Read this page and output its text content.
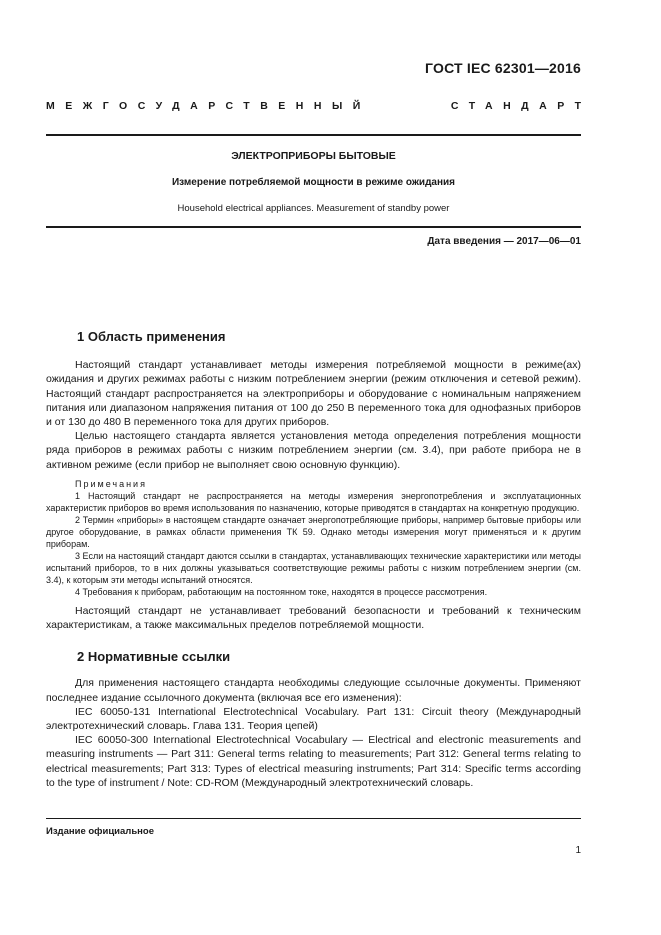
ГОСТ IEC 62301—2016
МЕЖГОСУДАРСТВЕННЫЙ	СТАНДАРТ
ЭЛЕКТРОПРИБОРЫ БЫТОВЫЕ
Измерение потребляемой мощности в режиме ожидания
Household electrical appliances. Measurement of standby power
Дата введения — 2017—06—01
1 Область применения

Настоящий стандарт устанавливает методы измерения потребляемой мощности в режиме(ах) ожидания и других режимах работы с низким потреблением энергии (режим отключения и сетевой режим). Настоящий стандарт распространяется на электроприборы и оборудование с номинальным напряжением питания или диапазоном напряжения питания от 100 до 250 В переменного тока для однофазных приборов и от 130 до 480 В переменного тока для других приборов.

Целью настоящего стандарта является установления метода определения потребления мощности ряда приборов в режимах работы с низким потреблением энергии (см. 3.4), при работе прибора не в активном режиме (если прибор не выполняет свою основную функцию).

Примечания

1 Настоящий стандарт не распространяется на методы измерения энергопотребления и эксплуатационных характеристик приборов во время использования по назначению, которые приводятся в стандартах на конкретную продукцию.

2 Термин «приборы» в настоящем стандарте означает энергопотребляющие приборы, например бытовые приборы или другое оборудование, в рамках области применения ТК 59. Однако методы измерения могут применяться и к другим приборам.

3 Если на настоящий стандарт даются ссылки в стандартах, устанавливающих технические характеристики или методы испытаний приборов, то в них должны указываться соответствующие режимы работы с низким потреблением энергии (см. 3.4), к которым эти методы испытаний относятся.

4 Требования к приборам, работающим на постоянном токе, находятся в процессе рассмотрения.

Настоящий стандарт не устанавливает требований безопасности и требований к техническим характеристикам, а также максимальных пределов потребляемой мощности.

2 Нормативные ссылки

Для применения настоящего стандарта необходимы следующие ссылочные документы. Применяют последнее издание ссылочного документа (включая все его изменения):

IEC 60050-131 International Electrotechnical Vocabulary. Part 131: Circuit theory (Международный электротехнический словарь. Глава 131. Теория цепей)

IEC 60050-300 International Electrotechnical Vocabulary — Electrical and electronic measurements and measuring instruments — Part 311: General terms relating to measurements; Part 312: General terms relating to electrical measurements; Part 313: Types of electrical measuring instruments; Part 314: Specific terms according to the type of instrument / Note: CD-ROM (Международный электротехнический словарь.

Издание официальное
1
